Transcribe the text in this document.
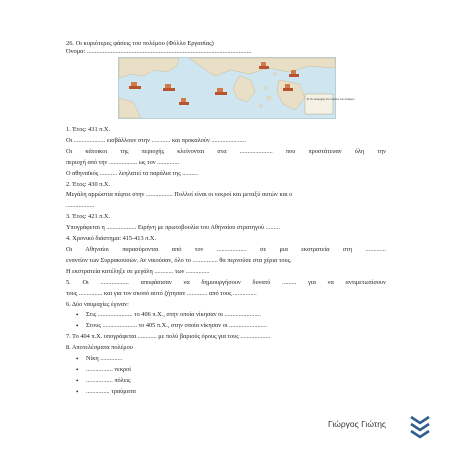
26. Οι κυριότερες φάσεις του πολέμου (Φύλλο Εργασίας)
Όνομα: .......................................................................................................
Β. Οι ναυμαχίες στο πλαίσιο του πολέμου
1. Έτος: 431 π.Χ.
Οι .................... εισβάλλουν στην ............ και προκαλούν ......................
Οι κάτοικοι της περιοχής κλείνονται στα ..................... που προστάτευαν όλη την
περιοχή από την .................. ως τον ..............
Ο αθηναϊκός ........... λεηλατεί τα παράλια της ..........
2. Έτος: 430 π.Χ.
Μεγάλη αρρώστια πέφτει στην ................. Πολλοί είναι οι νεκροί και μεταξύ αυτών και ο
..................
3. Έτος: 421 π.Χ.
Υπογράφεται η ................... Ειρήνη με πρωτοβουλία του Αθηναίου στρατηγού .........
4. Χρονικό διάστημα: 415-413 π.Χ.
Οι Αθηναίοι παρασύρονται από τον ................... σε μια εκστρατεία στη .............
εναντίον των Συρρακουσών. Αν νικούσαν, όλο το ................ θα περνούσε στα χέρια τους.
Η εκστρατεία κατέληξε σε μεγάλη ............ των ...............
5. Οι .................. αποφάσισαν να δημιουργήσουν δυνατό ......... για να αντιμετωπίσουν
τους ............... και για τον σκοπό αυτό ζήτησαν ............. από τους ...............
6. Δύο ναυμαχίες έγιναν:
• Στις ...................... το 406 π.Χ., στην οποία νίκησαν οι .......................
• Στους ...................... το 405 π.Χ., στην οποία νίκησαν οι ........................
7. Το 404 π.Χ. υπογράφεται ............ με πολύ βαριούς όρους για τους ...................
8. Αποτελέσματα πολέμου
• Νίκη ..............
• ................. νεκροί
• ................. πόλεις
• ............... τραύματα
Γιώργος Γιώτης
